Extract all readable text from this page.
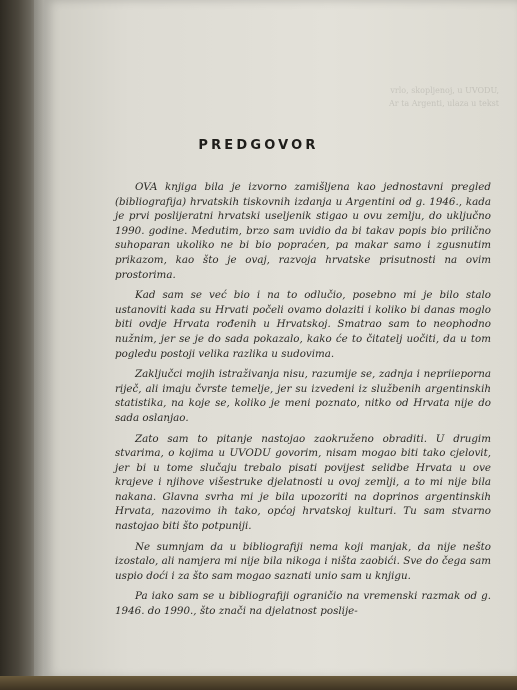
vrlo, skopljenoj, u UVODU, Ar ta Argenti, ulaza u tekst
PREDGOVOR

OVA knjiga bila je izvorno zamišljena kao jednostavni pregled (bibliografija) hrvatskih tiskovnih izdanja u Argentini od g. 1946., kada je prvi poslijeratni hrvatski useljenik stigao u ovu zemlju, do uključno 1990. godine. Medutim, brzo sam uvidio da bi takav popis bio prilično suhoparan ukoliko ne bi bio popraćen, pa makar samo i zgusnutim prikazom, kao što je ovaj, razvoja hrvatske prisutnosti na ovim prostorima.

Kad sam se već bio i na to odlučio, posebno mi je bilo stalo ustanoviti kada su Hrvati počeli ovamo dolaziti i koliko bi danas moglo biti ovdje Hrvata rođenih u Hrvatskoj. Smatrao sam to neophodno nužnim, jer se je do sada pokazalo, kako će to čitatelj uočiti, da u tom pogledu postoji velika razlika u sudovima.

Zaključci mojih istraživanja nisu, razumije se, zadnja i nepriieporna riječ, ali imaju čvrste temelje, jer su izvedeni iz službenih argentinskih statistika, na koje se, koliko je meni poznato, nitko od Hrvata nije do sada oslanjao.

Zato sam to pitanje nastojao zaokruženo obraditi. U drugim stvarima, o kojima u UVODU govorim, nisam mogao biti tako cjelovit, jer bi u tome slučaju trebalo pisati povijest selidbe Hrvata u ove krajeve i njihove višestruke djelatnosti u ovoj zemlji, a to mi nije bila nakana. Glavna svrha mi je bila upozoriti na doprinos argentinskih Hrvata, nazovimo ih tako, općoj hrvatskoj kulturi. Tu sam stvarno nastojao biti što potpuniji.

Ne sumnjam da u bibliografiji nema koji manjak, da nije nešto izostalo, ali namjera mi nije bila nikoga i ništa zaobići. Sve do čega sam uspio doći i za što sam mogao saznati unio sam u knjigu.

Pa iako sam se u bibliografiji ograničio na vremenski razmak od g. 1946. do 1990., što znači na djelatnost poslije-
